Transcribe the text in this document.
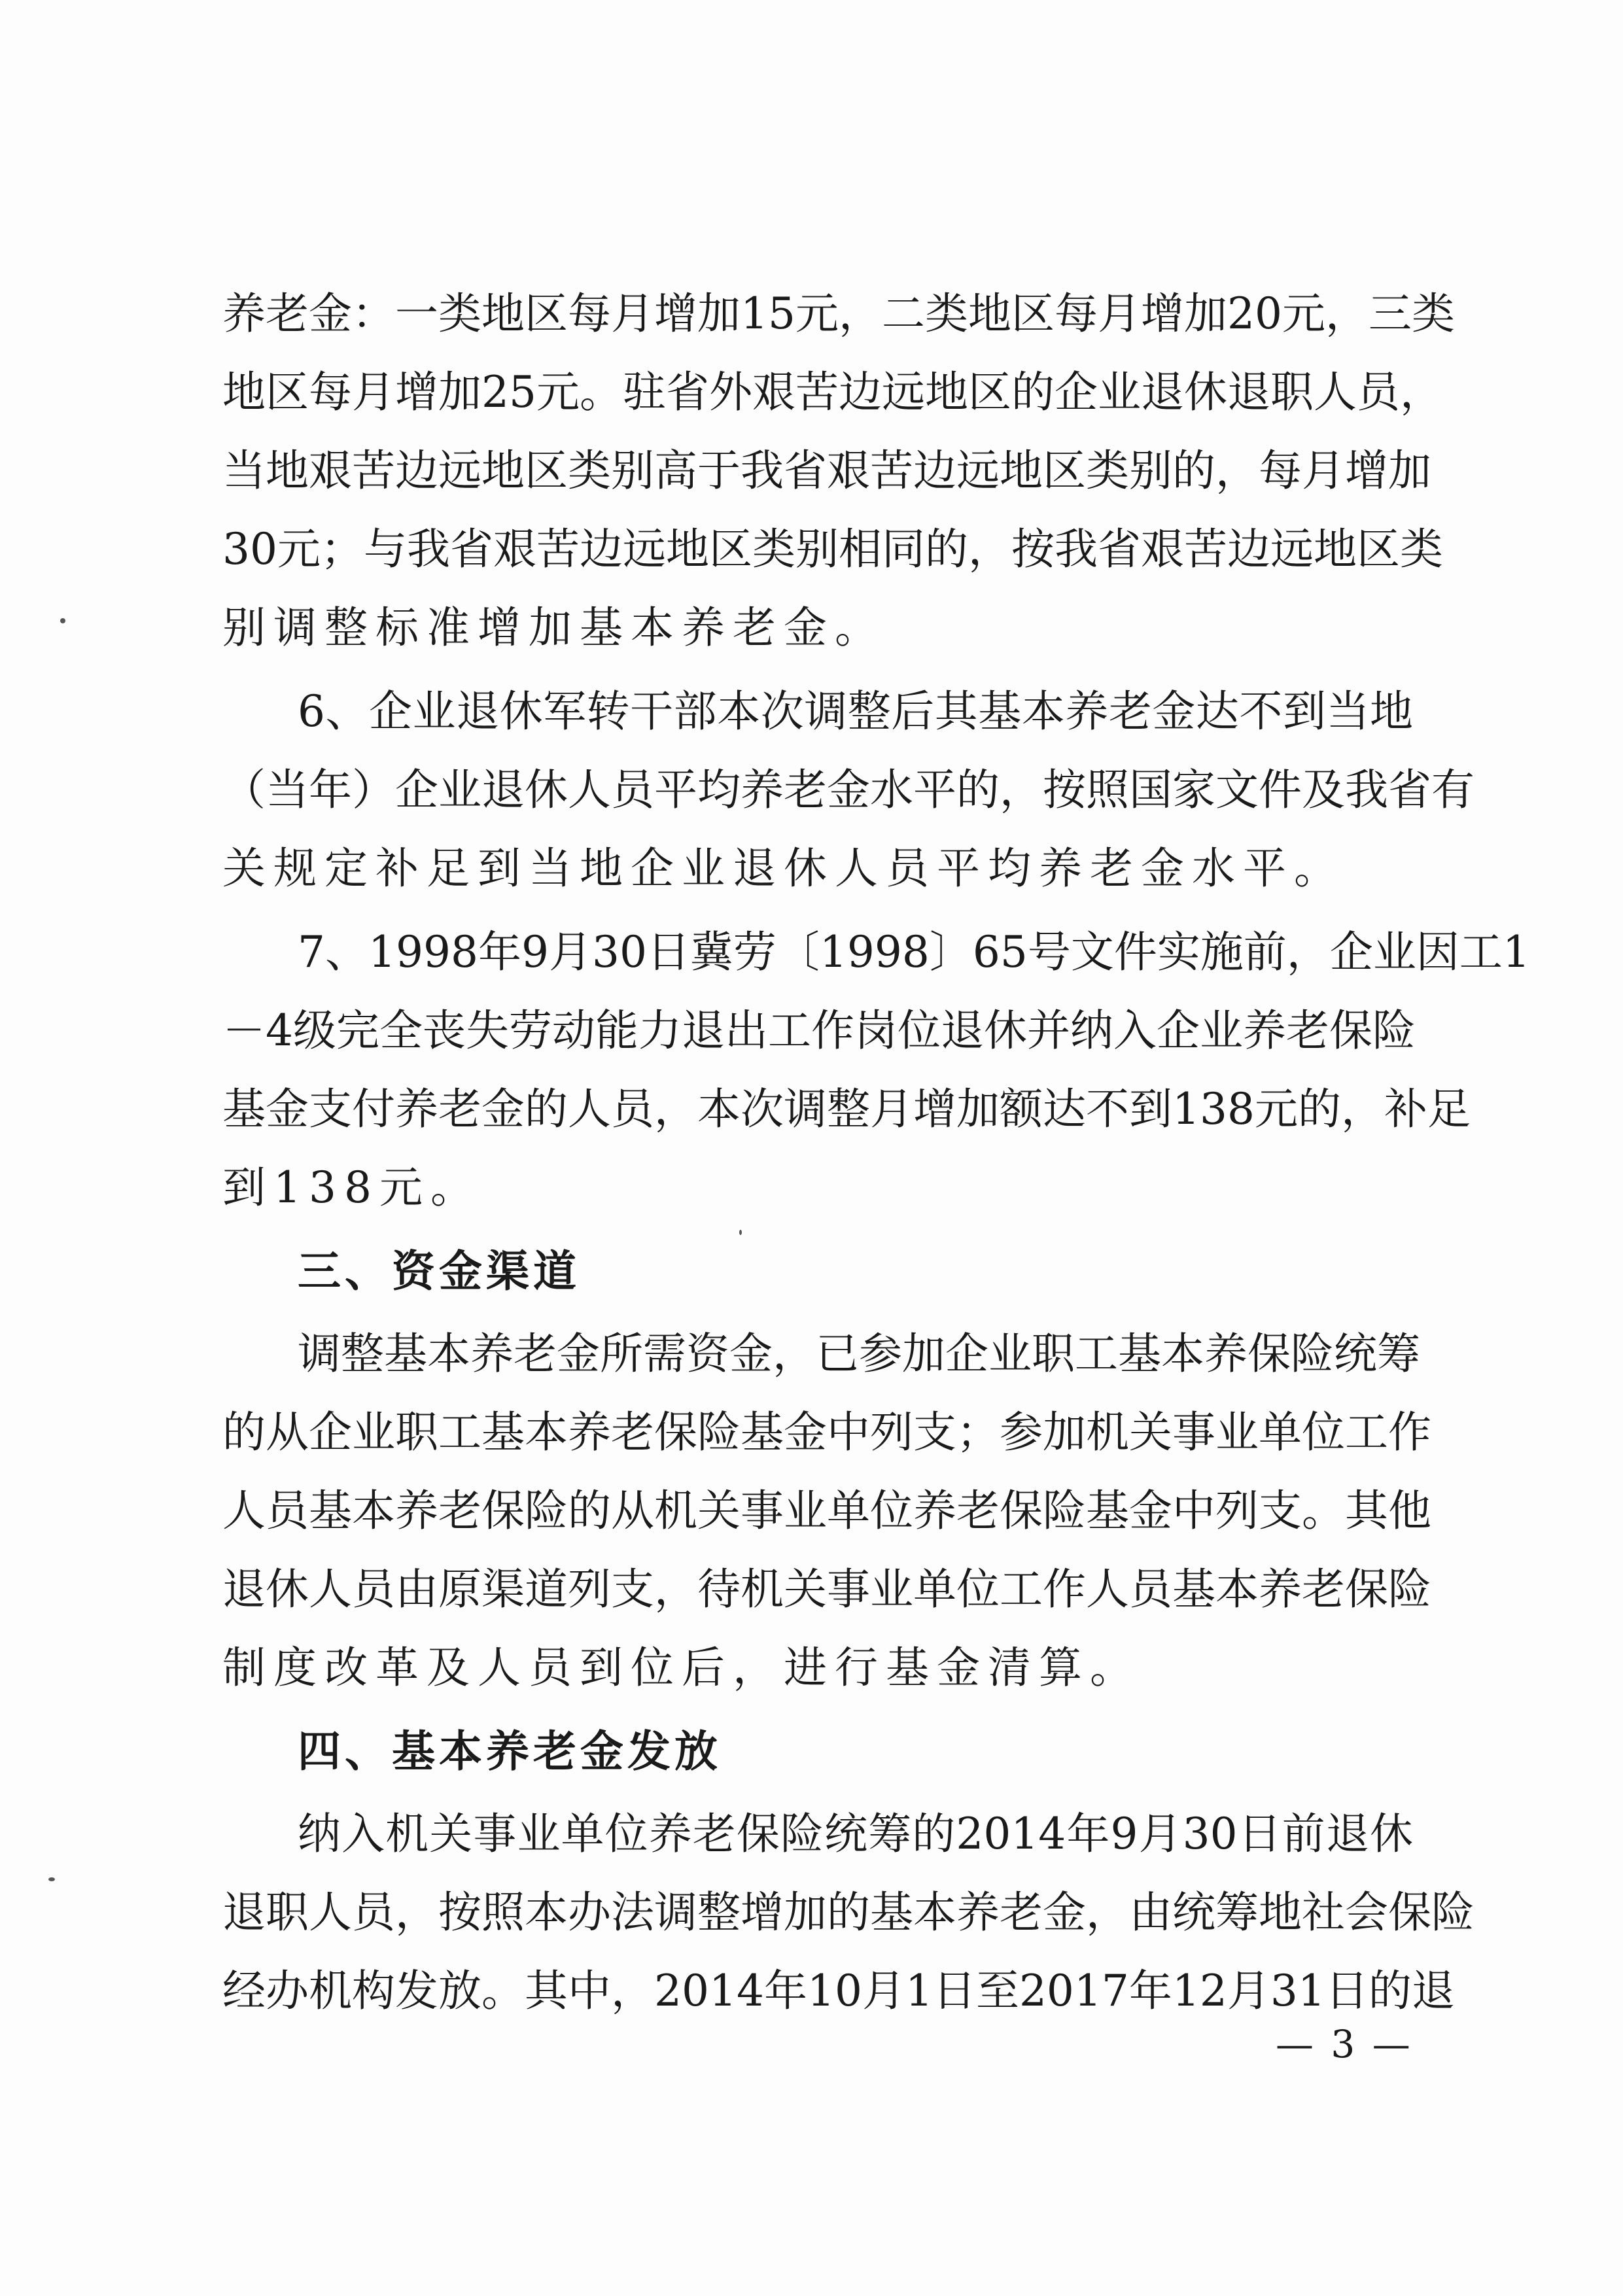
养老金：一类地区每月增加15元，二类地区每月增加20元，三类
地区每月增加25元。驻省外艰苦边远地区的企业退休退职人员，
当地艰苦边远地区类别高于我省艰苦边远地区类别的，每月增加
30元；与我省艰苦边远地区类别相同的，按我省艰苦边远地区类
别调整标准增加基本养老金。
6、企业退休军转干部本次调整后其基本养老金达不到当地
（当年）企业退休人员平均养老金水平的，按照国家文件及我省有
关规定补足到当地企业退休人员平均养老金水平。
7、1998年9月30日冀劳〔1998〕65号文件实施前，企业因工1
－4级完全丧失劳动能力退出工作岗位退休并纳入企业养老保险
基金支付养老金的人员，本次调整月增加额达不到138元的，补足
到138元。
三、资金渠道
调整基本养老金所需资金，已参加企业职工基本养保险统筹
的从企业职工基本养老保险基金中列支；参加机关事业单位工作
人员基本养老保险的从机关事业单位养老保险基金中列支。其他
退休人员由原渠道列支，待机关事业单位工作人员基本养老保险
制度改革及人员到位后，进行基金清算。
四、基本养老金发放
纳入机关事业单位养老保险统筹的2014年9月30日前退休
退职人员，按照本办法调整增加的基本养老金，由统筹地社会保险
经办机构发放。其中，2014年10月1日至2017年12月31日的退
— 3 —
